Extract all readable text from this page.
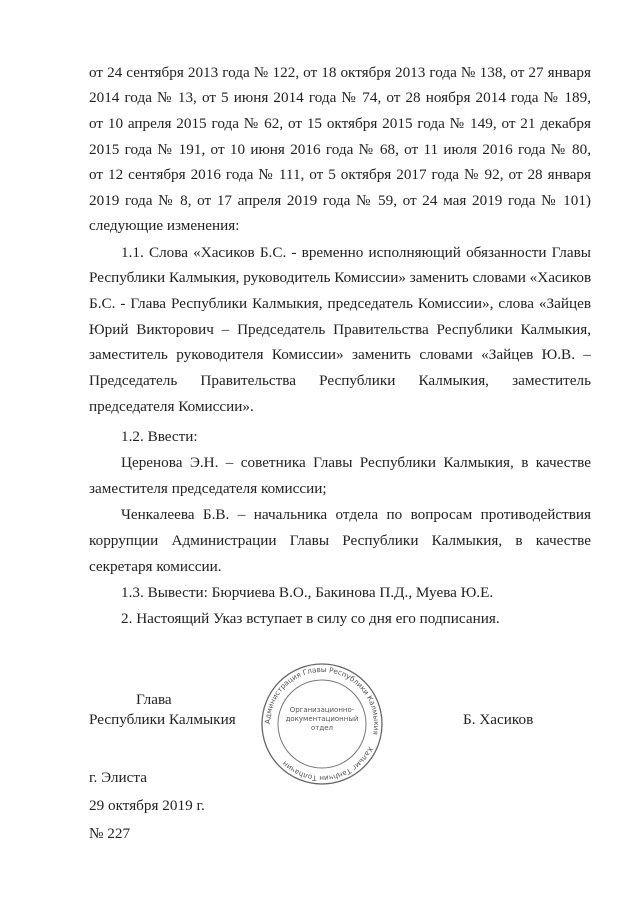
от 24 сентября 2013 года № 122, от 18 октября 2013 года № 138, от 27 января
2014 года № 13, от 5 июня 2014 года № 74, от 28 ноября 2014 года № 189,
от 10 апреля 2015 года № 62, от 15 октября 2015 года № 149, от 21 декабря
2015 года № 191, от 10 июня 2016 года № 68, от 11 июля 2016 года № 80,
от 12 сентября 2016 года № 111, от 5 октября 2017 года № 92, от 28 января
2019 года № 8, от 17 апреля 2019 года № 59, от 24 мая 2019 года № 101)
следующие изменения:
1.1. Слова «Хасиков Б.С. - временно исполняющий обязанности Главы
Республики Калмыкия, руководитель Комиссии» заменить словами «Хасиков
Б.С. - Глава Республики Калмыкия, председатель Комиссии», слова «Зайцев
Юрий Викторович – Председатель Правительства Республики Калмыкия,
заместитель руководителя Комиссии» заменить словами «Зайцев Ю.В. –
Председатель Правительства Республики Калмыкия, заместитель
председателя Комиссии».
1.2. Ввести:
Церенова Э.Н. – советника Главы Республики Калмыкия, в качестве
заместителя председателя комиссии;
Ченкалеева Б.В. – начальника отдела по вопросам противодействия
коррупции Администрации Главы Республики Калмыкия, в качестве
секретаря комиссии.
1.3. Вывести: Бюрчиева В.О., Бакинова П.Д., Муева Ю.Е.
2. Настоящий Указ вступает в силу со дня его подписания.
Глава
Республики Калмыкия	Б. Хасиков
Администрация Главы Республики Калмыкия
Хальмг Таңһчин Толһачин
Организационно-документационный отдел
г. Элиста
29 октября 2019 г.
№ 227
